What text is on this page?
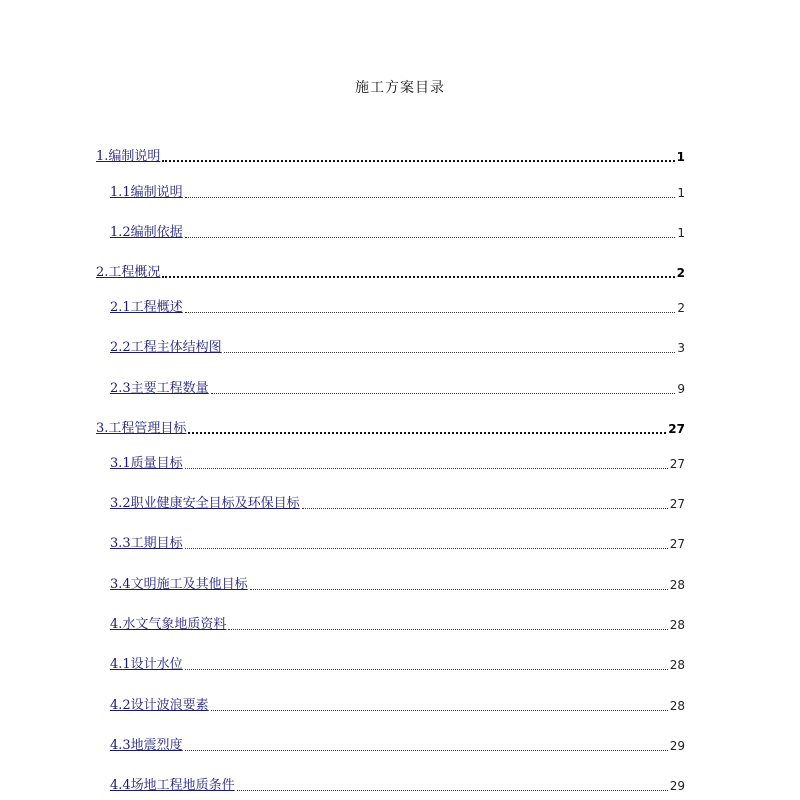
施工方案目录
1.编制说明	1
1.1编制说明	1
1.2编制依据	1
2.工程概况	2
2.1工程概述	2
2.2工程主体结构图	3
2.3主要工程数量	9
3.工程管理目标	27
3.1质量目标	27
3.2职业健康安全目标及环保目标	27
3.3工期目标	27
3.4文明施工及其他目标	28
4.水文气象地质资料	28
4.1设计水位	28
4.2设计波浪要素	28
4.3地震烈度	29
4.4场地工程地质条件	29
